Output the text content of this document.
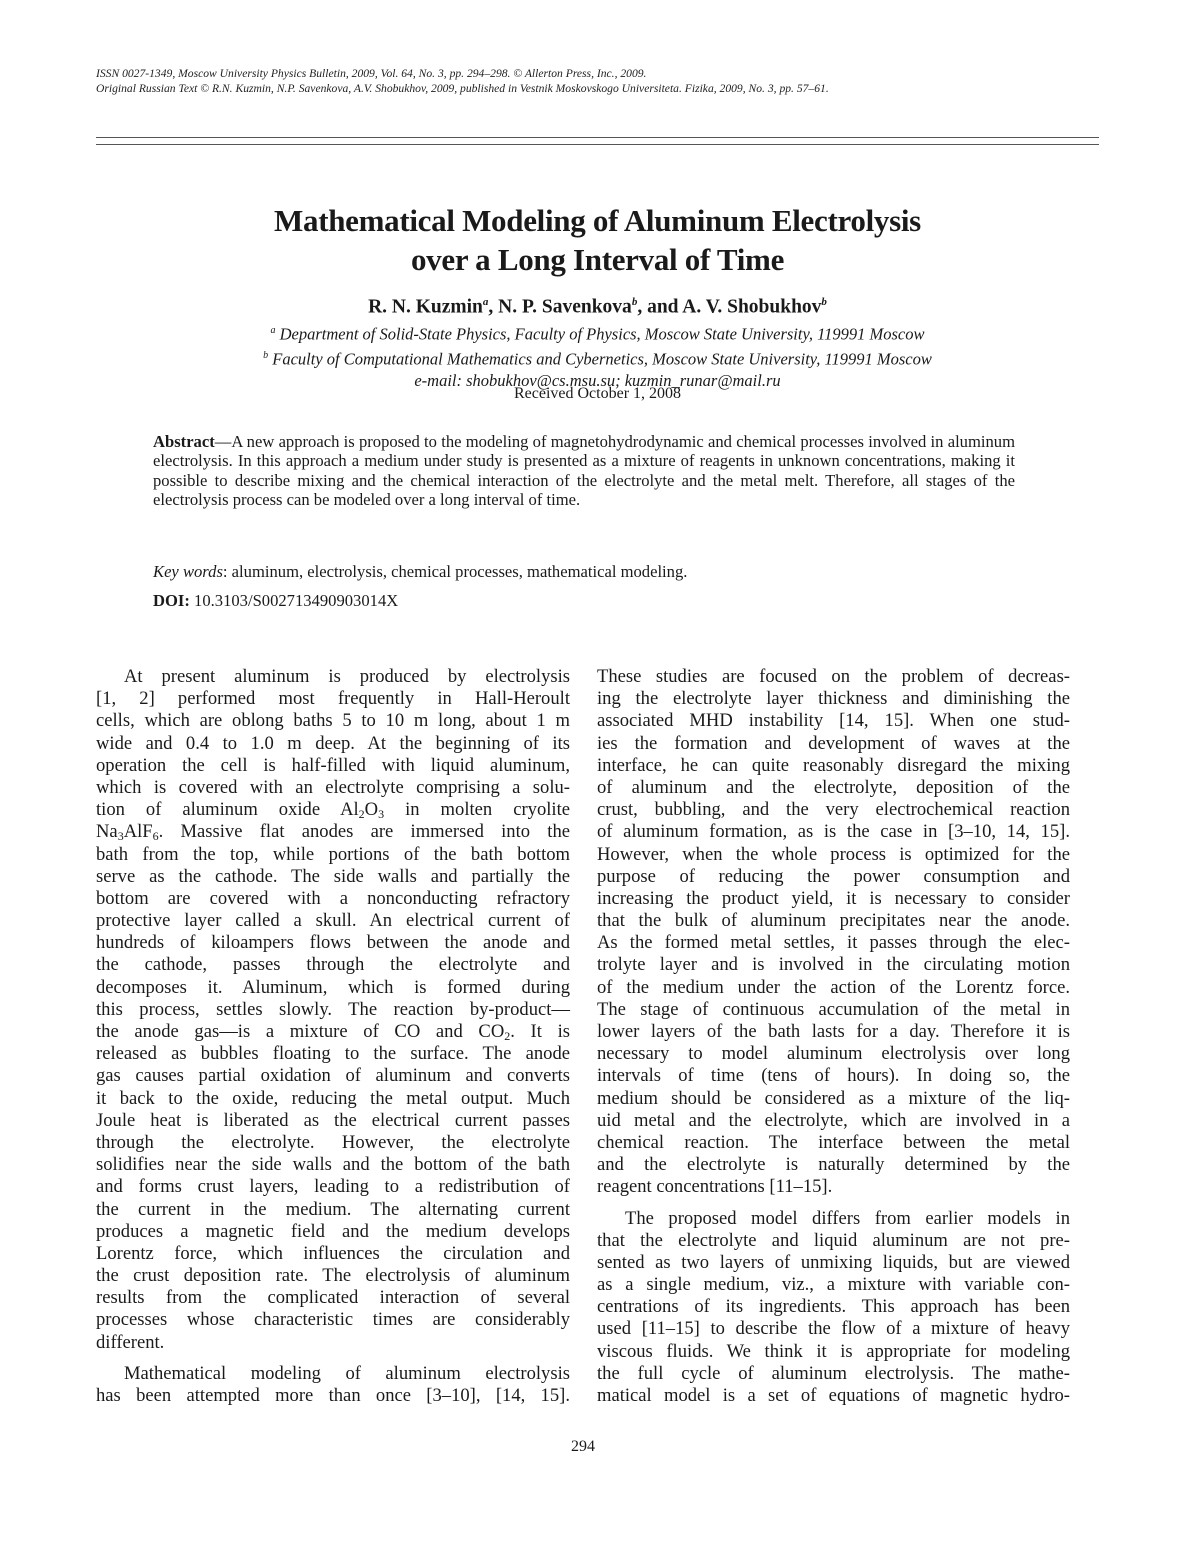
ISSN 0027-1349, Moscow University Physics Bulletin, 2009, Vol. 64, No. 3, pp. 294–298. © Allerton Press, Inc., 2009.
Original Russian Text © R.N. Kuzmin, N.P. Savenkova, A.V. Shobukhov, 2009, published in Vestnik Moskovskogo Universiteta. Fizika, 2009, No. 3, pp. 57–61.
Mathematical Modeling of Aluminum Electrolysis
over a Long Interval of Time
R. N. Kuzmin$^a$, N. P. Savenkova$^b$, and A. V. Shobukhov$^b$
$^a$ Department of Solid-State Physics, Faculty of Physics, Moscow State University, 119991 Moscow
$^b$ Faculty of Computational Mathematics and Cybernetics, Moscow State University, 119991 Moscow
e-mail: shobukhov@cs.msu.su; kuzmin_runar@mail.ru
Received October 1, 2008
Abstract—A new approach is proposed to the modeling of magnetohydrodynamic and chemical processes involved in aluminum electrolysis. In this approach a medium under study is presented as a mixture of reagents in unknown concentrations, making it possible to describe mixing and the chemical interaction of the electrolyte and the metal melt. Therefore, all stages of the electrolysis process can be modeled over a long interval of time.
Key words: aluminum, electrolysis, chemical processes, mathematical modeling.
DOI: 10.3103/S002713490903014X
At present aluminum is produced by electrolysis
[1, 2] performed most frequently in Hall-Heroult
cells, which are oblong baths 5 to 10 m long, about 1 m
wide and 0.4 to 1.0 m deep. At the beginning of its
operation the cell is half-filled with liquid aluminum,
which is covered with an electrolyte comprising a solu-
tion of aluminum oxide $Al_2O_3$ in molten cryolite
$Na_3AlF_6$. Massive flat anodes are immersed into the
bath from the top, while portions of the bath bottom
serve as the cathode. The side walls and partially the
bottom are covered with a nonconducting refractory
protective layer called a skull. An electrical current of
hundreds of kiloampers flows between the anode and
the cathode, passes through the electrolyte and
decomposes it. Aluminum, which is formed during
this process, settles slowly. The reaction by-product—
the anode gas—is a mixture of CO and $CO_2$. It is
released as bubbles floating to the surface. The anode
gas causes partial oxidation of aluminum and converts
it back to the oxide, reducing the metal output. Much
Joule heat is liberated as the electrical current passes
through the electrolyte. However, the electrolyte
solidifies near the side walls and the bottom of the bath
and forms crust layers, leading to a redistribution of
the current in the medium. The alternating current
produces a magnetic field and the medium develops
Lorentz force, which influences the circulation and
the crust deposition rate. The electrolysis of aluminum
results from the complicated interaction of several
processes whose characteristic times are considerably
different.
Mathematical modeling of aluminum electrolysis
has been attempted more than once [3–10], [14, 15].
These studies are focused on the problem of decreas-
ing the electrolyte layer thickness and diminishing the
associated MHD instability [14, 15]. When one stud-
ies the formation and development of waves at the
interface, he can quite reasonably disregard the mixing
of aluminum and the electrolyte, deposition of the
crust, bubbling, and the very electrochemical reaction
of aluminum formation, as is the case in [3–10, 14, 15].
However, when the whole process is optimized for the
purpose of reducing the power consumption and
increasing the product yield, it is necessary to consider
that the bulk of aluminum precipitates near the anode.
As the formed metal settles, it passes through the elec-
trolyte layer and is involved in the circulating motion
of the medium under the action of the Lorentz force.
The stage of continuous accumulation of the metal in
lower layers of the bath lasts for a day. Therefore it is
necessary to model aluminum electrolysis over long
intervals of time (tens of hours). In doing so, the
medium should be considered as a mixture of the liq-
uid metal and the electrolyte, which are involved in a
chemical reaction. The interface between the metal
and the electrolyte is naturally determined by the
reagent concentrations [11–15].
The proposed model differs from earlier models in
that the electrolyte and liquid aluminum are not pre-
sented as two layers of unmixing liquids, but are viewed
as a single medium, viz., a mixture with variable con-
centrations of its ingredients. This approach has been
used [11–15] to describe the flow of a mixture of heavy
viscous fluids. We think it is appropriate for modeling
the full cycle of aluminum electrolysis. The mathe-
matical model is a set of equations of magnetic hydro-
294
